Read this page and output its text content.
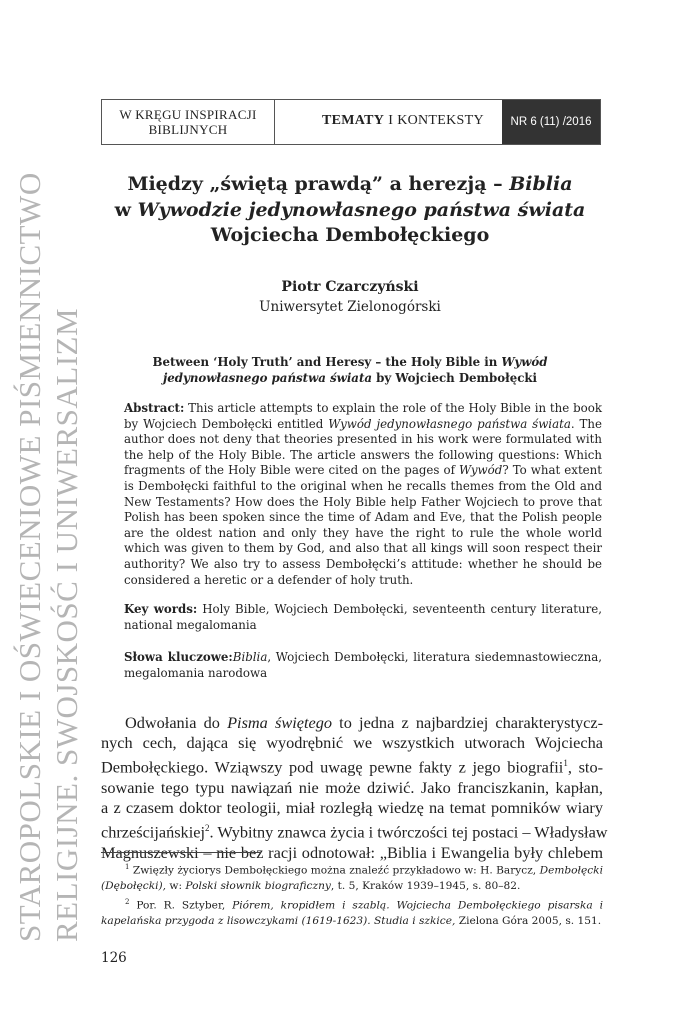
W KRĘGU INSPIRACJI
BIBLIJNYCH
TEMATY I KONTEKSTY	NR 6 (11) /2016
STAROPOLSKIE I OŚWIECENIOWE PIŚMIENNICTWO RELIGIJNE. SWOJSKOŚĆ I UNIWERSALIZM
Między „świętą prawdą” a herezją – Biblia
w Wywodzie jedynowłasnego państwa świata
Wojciecha Dembołęckiego
Piotr Czarczyński
Uniwersytet Zielonogórski
Between ‘Holy Truth’ and Heresy – the Holy Bible in Wywód jedynowłasnego państwa świata by Wojciech Dembołęcki
Abstract: This article attempts to explain the role of the Holy Bible in the book by Wojciech Dembołęcki entitled Wywód jedynowłasnego państwa świata. The author does not deny that theories presented in his work were formulated with the help of the Holy Bible. The article answers the following questions: Which fragments of the Holy Bible were cited on the pages of Wywód? To what extent is Dembołęcki faithful to the original when he recalls themes from the Old and New Testaments? How does the Holy Bible help Father Wojciech to prove that Polish has been spoken since the time of Adam and Eve, that the Polish people are the oldest nation and only they have the right to rule the whole world which was given to them by God, and also that all kings will soon respect their authority? We also try to assess Dembołęcki’s attitude: whether he should be considered a heretic or a defender of holy truth.
Key words: Holy Bible, Wojciech Dembołęcki, seventeenth century literature, national megalomania
Słowa kluczowe:Biblia, Wojciech Dembołęcki, literatura siedemnastowieczna, megalomania narodowa
Odwołania do Pisma świętego to jedna z najbardziej charakterystycz-
nych cech, dająca się wyodrębnić we wszystkich utworach Wojciecha
Dembołęckiego. Wziąwszy pod uwagę pewne fakty z jego biografii$^1$, sto-
sowanie tego typu nawiązań nie może dziwić. Jako franciszkanin, kapłan,
a z czasem doktor teologii, miał rozległą wiedzę na temat pomników wiary
chrześcijańskiej$^2$. Wybitny znawca życia i twórczości tej postaci – Władysław
Magnuszewski – nie bez racji odnotował: „Biblia i Ewangelia były chlebem
$^1$ Zwięzły życiorys Dembołęckiego można znaleźć przykładowo w: H. Barycz, Dembołęcki (Dębołęcki), w: Polski słownik biograficzny, t. 5, Kraków 1939–1945, s. 80–82.
$^2$ Por. R. Sztyber, Piórem, kropidłem i szablą. Wojciecha Dembołęckiego pisarska i kapelańska przygoda z lisowczykami (1619-1623). Studia i szkice, Zielona Góra 2005, s. 151.
126
